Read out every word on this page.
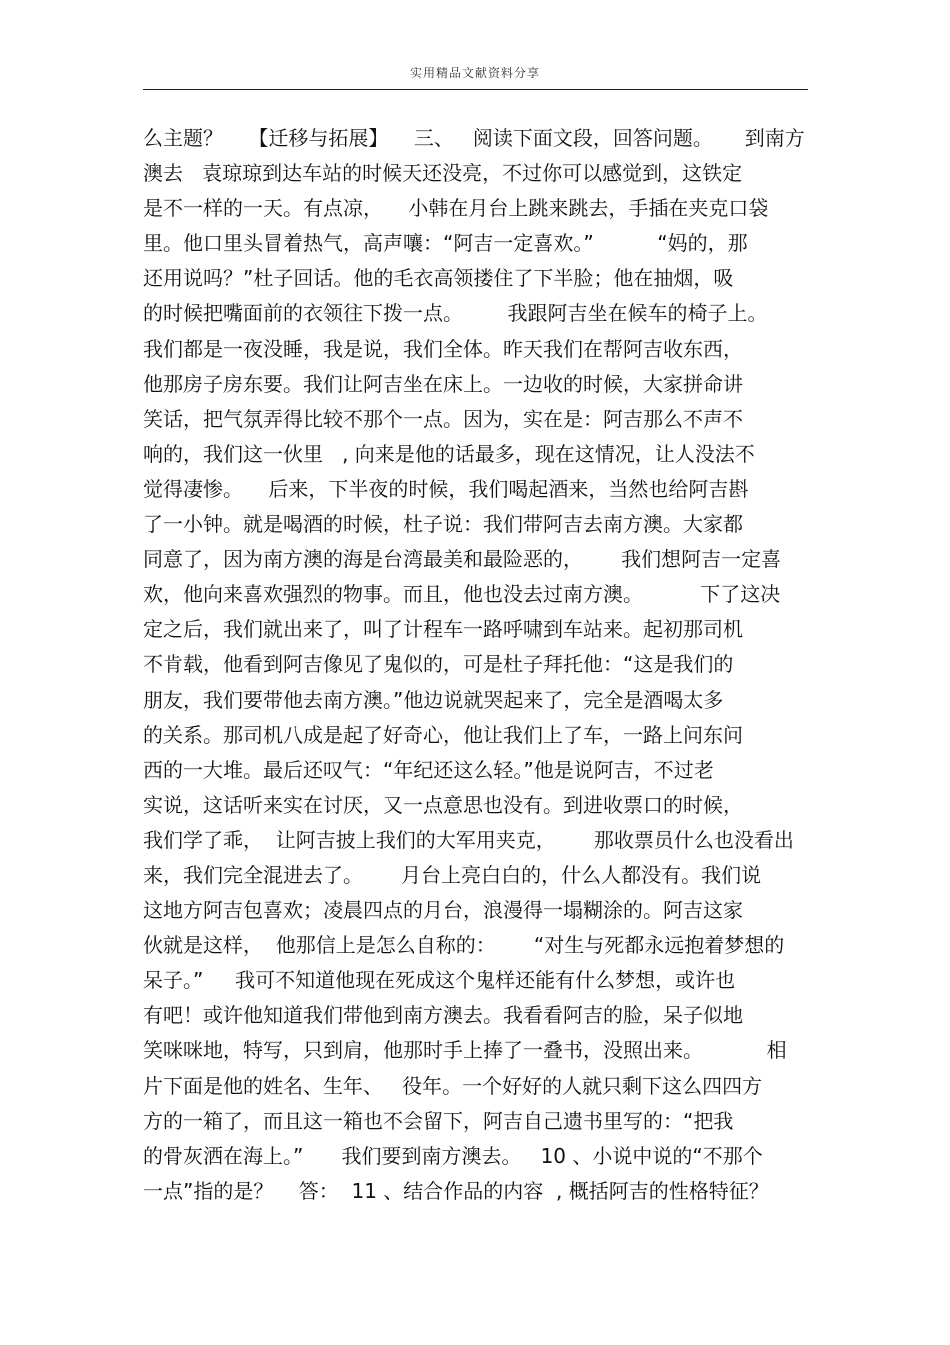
实用精品文献资料分享
么主题？    【迁移与拓展】    三、   阅读下面文段，回答问题。     到南方
澳去   袁琼琼到达车站的时候天还没亮，不过你可以感觉到，这铁定
是不一样的一天。有点凉，    小韩在月台上跳来跳去，手插在夹克口袋
里。他口里头冒着热气，高声嚷：“阿吉一定喜欢。”          “妈的，那
还用说吗？”杜子回话。他的毛衣高领搂住了下半脸；他在抽烟，吸
的时候把嘴面前的衣领往下拨一点。       我跟阿吉坐在候车的椅子上。
我们都是一夜没睡，我是说，我们全体。昨天我们在帮阿吉收东西，
他那房子房东要。我们让阿吉坐在床上。一边收的时候，大家拼命讲
笑话，把气氛弄得比较不那个一点。因为，实在是：阿吉那么不声不
响的，我们这一伙里   , 向来是他的话最多，现在这情况，让人没法不
觉得凄惨。    后来，下半夜的时候，我们喝起酒来，当然也给阿吉斟
了一小钟。就是喝酒的时候，杜子说：我们带阿吉去南方澳。大家都
同意了，因为南方澳的海是台湾最美和最险恶的，      我们想阿吉一定喜
欢，他向来喜欢强烈的物事。而且，他也没去过南方澳。         下了这决
定之后，我们就出来了，叫了计程车一路呼啸到车站来。起初那司机
不肯载，他看到阿吉像见了鬼似的，可是杜子拜托他：“这是我们的
朋友，我们要带他去南方澳。”他边说就哭起来了，完全是酒喝太多
的关系。那司机八成是起了好奇心，他让我们上了车，一路上问东问
西的一大堆。最后还叹气：“年纪还这么轻。”他是说阿吉，不过老
实说，这话听来实在讨厌，又一点意思也没有。到进收票口的时候，
我们学了乖，  让阿吉披上我们的大军用夹克，      那收票员什么也没看出
来，我们完全混进去了。      月台上亮白白的，什么人都没有。我们说
这地方阿吉包喜欢；凌晨四点的月台，浪漫得一塌糊涂的。阿吉这家
伙就是这样，  他那信上是怎么自称的：      “对生与死都永远抱着梦想的
呆子。”     我可不知道他现在死成这个鬼样还能有什么梦想，或许也
有吧！或许他知道我们带他到南方澳去。我看看阿吉的脸，呆子似地
笑咪咪地，特写，只到肩，他那时手上捧了一叠书，没照出来。          相
片下面是他的姓名、生年、   役年。一个好好的人就只剩下这么四四方
方的一箱了，而且这一箱也不会留下，阿吉自己遗书里写的：“把我
的骨灰洒在海上。”      我们要到南方澳去。   10 、小说中说的“不那个
一点”指的是？    答：  11 、结合作品的内容  , 概括阿吉的性格特征？
